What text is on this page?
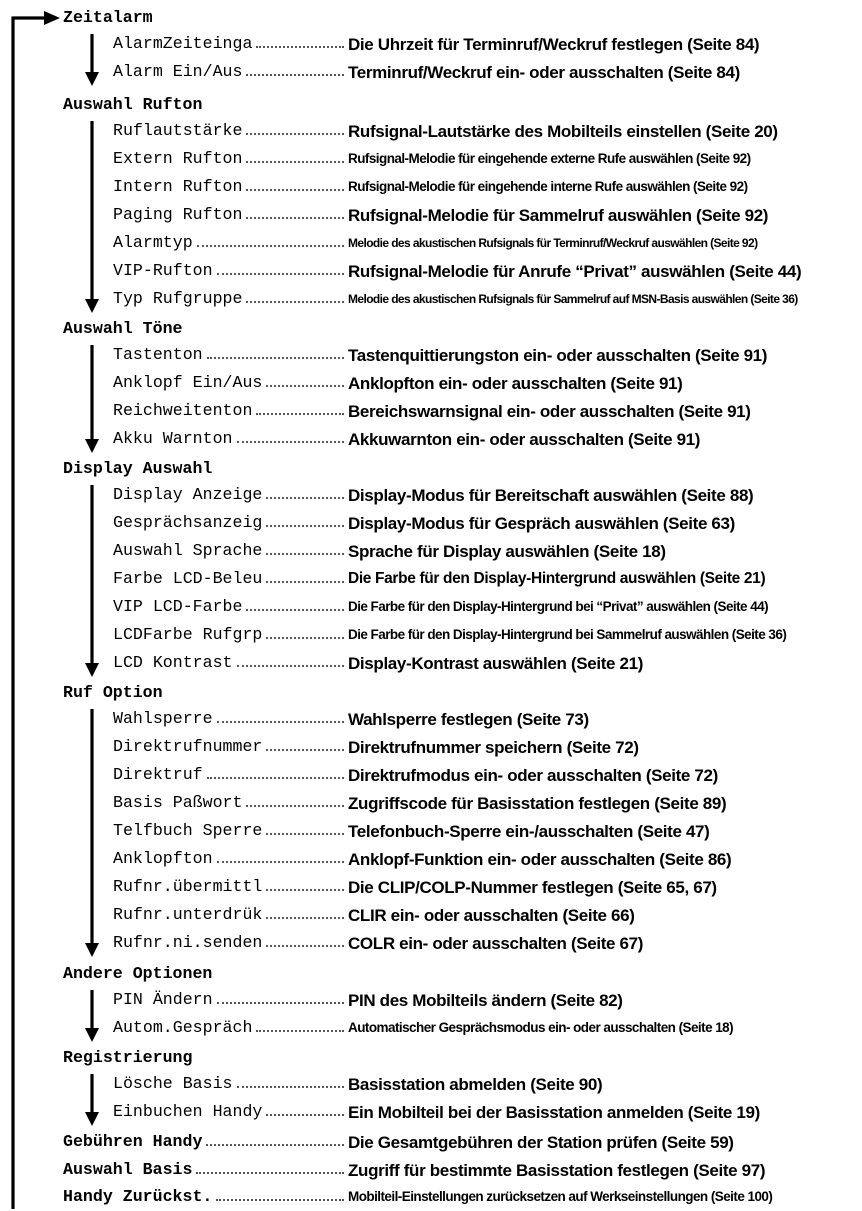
Zeitalarm
AlarmZeiteinga	Die Uhrzeit für Terminruf/Weckruf festlegen (Seite 84)
Alarm Ein/Aus	Terminruf/Weckruf ein- oder ausschalten (Seite 84)
Auswahl Rufton
Ruflautstärke	Rufsignal-Lautstärke des Mobilteils einstellen (Seite 20)
Extern Rufton	Rufsignal-Melodie für eingehende externe Rufe auswählen (Seite 92)
Intern Rufton	Rufsignal-Melodie für eingehende interne Rufe auswählen (Seite 92)
Paging Rufton	Rufsignal-Melodie für Sammelruf auswählen (Seite 92)
Alarmtyp	Melodie des akustischen Rufsignals für Terminruf/Weckruf auswählen (Seite 92)
VIP-Rufton	Rufsignal-Melodie für Anrufe “Privat” auswählen (Seite 44)
Typ Rufgruppe	Melodie des akustischen Rufsignals für Sammelruf auf MSN-Basis auswählen (Seite 36)
Auswahl Töne
Tastenton	Tastenquittierungston ein- oder ausschalten (Seite 91)
Anklopf Ein/Aus	Anklopfton ein- oder ausschalten (Seite 91)
Reichweitenton	Bereichswarnsignal ein- oder ausschalten (Seite 91)
Akku Warnton	Akkuwarnton ein- oder ausschalten (Seite 91)
Display Auswahl
Display Anzeige	Display-Modus für Bereitschaft auswählen (Seite 88)
Gesprächsanzeig	Display-Modus für Gespräch auswählen (Seite 63)
Auswahl Sprache	Sprache für Display auswählen (Seite 18)
Farbe LCD-Beleu	Die Farbe für den Display-Hintergrund auswählen (Seite 21)
VIP LCD-Farbe	Die Farbe für den Display-Hintergrund bei “Privat” auswählen (Seite 44)
LCDFarbe Rufgrp	Die Farbe für den Display-Hintergrund bei Sammelruf auswählen (Seite 36)
LCD Kontrast	Display-Kontrast auswählen (Seite 21)
Ruf Option
Wahlsperre	Wahlsperre festlegen (Seite 73)
Direktrufnummer	Direktrufnummer speichern (Seite 72)
Direktruf	Direktrufmodus ein- oder ausschalten (Seite 72)
Basis Paßwort	Zugriffscode für Basisstation festlegen (Seite 89)
Telfbuch Sperre	Telefonbuch-Sperre ein-/ausschalten (Seite 47)
Anklopfton	Anklopf-Funktion ein- oder ausschalten (Seite 86)
Rufnr.übermittl	Die CLIP/COLP-Nummer festlegen (Seite 65, 67)
Rufnr.unterdrük	CLIR ein- oder ausschalten (Seite 66)
Rufnr.ni.senden	COLR ein- oder ausschalten (Seite 67)
Andere Optionen
PIN Ändern	PIN des Mobilteils ändern (Seite 82)
Autom.Gespräch	Automatischer Gesprächsmodus ein- oder ausschalten (Seite 18)
Registrierung
Lösche Basis	Basisstation abmelden (Seite 90)
Einbuchen Handy	Ein Mobilteil bei der Basisstation anmelden (Seite 19)
Gebühren Handy	Die Gesamtgebühren der Station prüfen (Seite 59)
Auswahl Basis	Zugriff für bestimmte Basisstation festlegen (Seite 97)
Handy Zurückst.	Mobilteil-Einstellungen zurücksetzen auf Werkseinstellungen (Seite 100)
